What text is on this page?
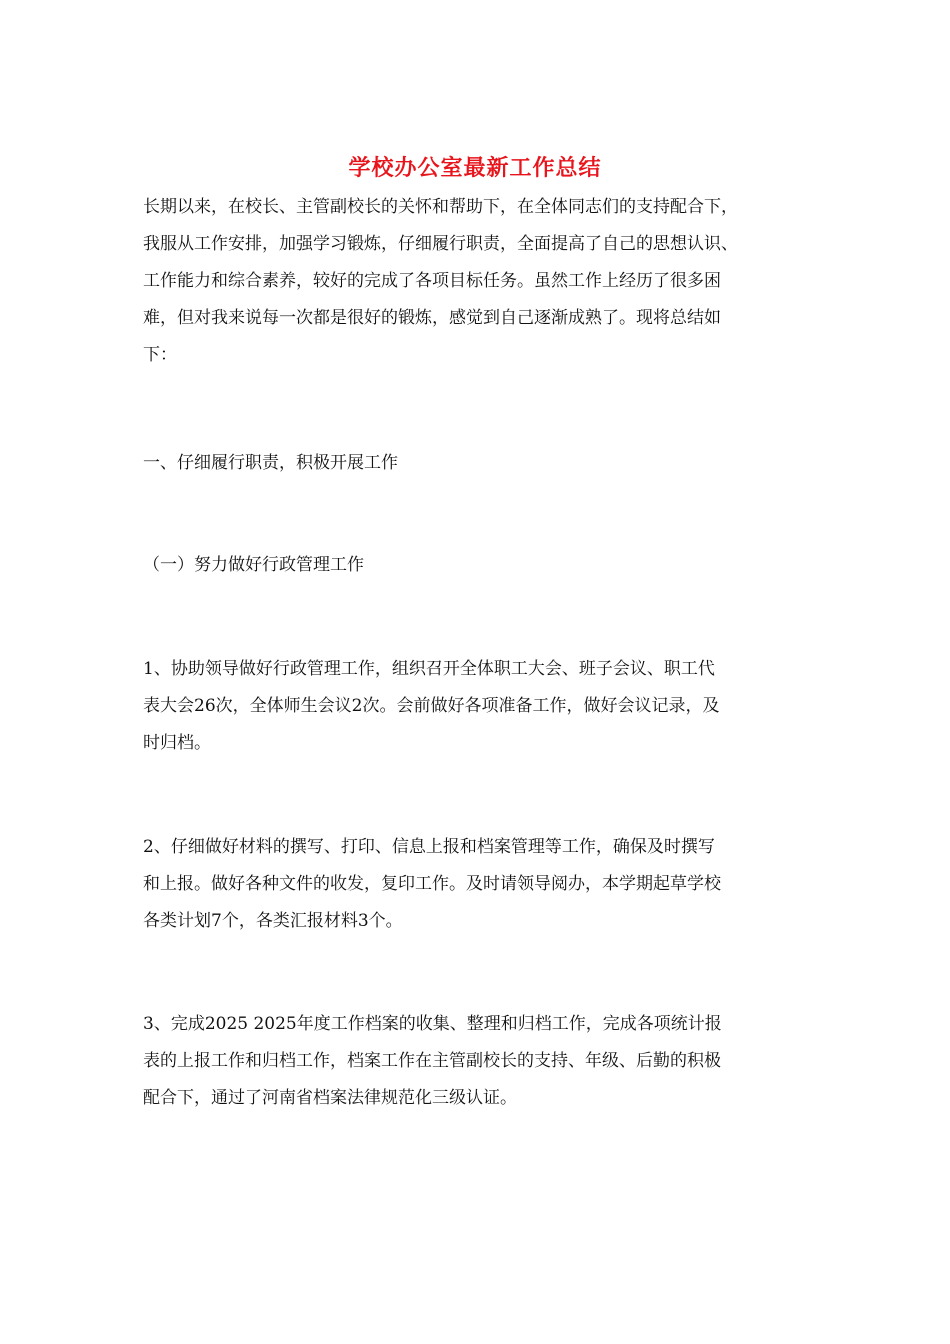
学校办公室最新工作总结
长期以来，在校长、主管副校长的关怀和帮助下，在全体同志们的支持配合下，
我服从工作安排，加强学习锻炼，仔细履行职责，全面提高了自己的思想认识、
工作能力和综合素养，较好的完成了各项目标任务。虽然工作上经历了很多困
难，但对我来说每一次都是很好的锻炼，感觉到自己逐渐成熟了。现将总结如
下：
一、仔细履行职责，积极开展工作
（一）努力做好行政管理工作
1、协助领导做好行政管理工作，组织召开全体职工大会、班子会议、职工代
表大会26次，全体师生会议2次。会前做好各项准备工作，做好会议记录，及
时归档。
2、仔细做好材料的撰写、打印、信息上报和档案管理等工作，确保及时撰写
和上报。做好各种文件的收发，复印工作。及时请领导阅办，本学期起草学校
各类计划7个，各类汇报材料3个。
3、完成2025 2025年度工作档案的收集、整理和归档工作，完成各项统计报
表的上报工作和归档工作，档案工作在主管副校长的支持、年级、后勤的积极
配合下，通过了河南省档案法律规范化三级认证。
